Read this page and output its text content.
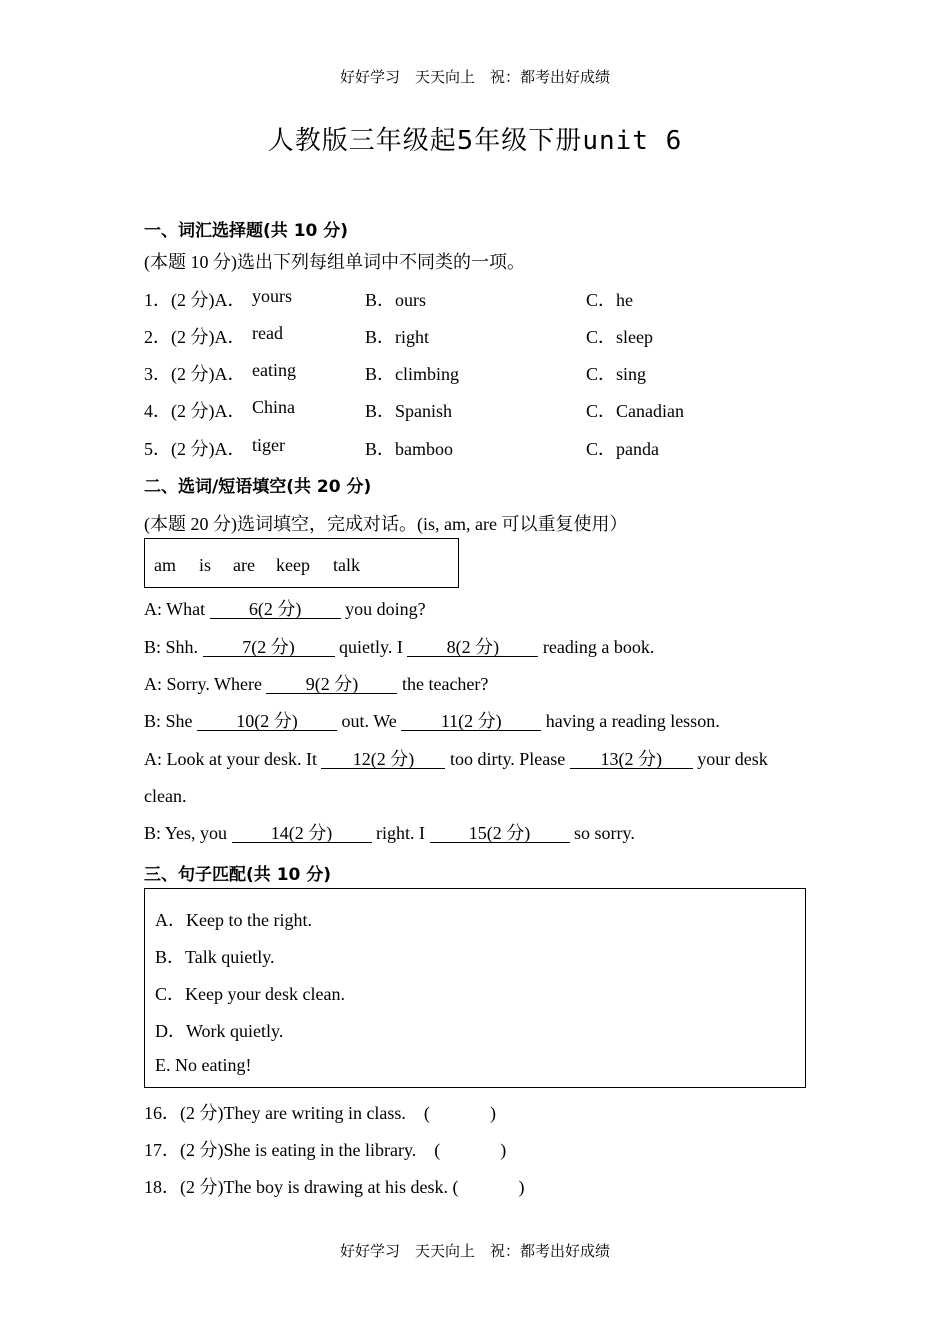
好好学习　天天向上　祝：都考出好成绩
人教版三年级起5年级下册unit 6
一、词汇选择题(共 10 分)
(本题 10 分)选出下列每组单词中不同类的一项。
1．(2 分)A． yours	B．ours	C．he
2．(2 分)A． read	B．right	C．sleep
3．(2 分)A． eating	B．climbing	C．sing
4．(2 分)A． China	B．Spanish	C．Canadian
5．(2 分)A． tiger	B．bamboo	C．panda
二、选词/短语填空(共 20 分)
(本题 20 分)选词填空，完成对话。(is, am, are 可以重复使用）
am is are keep talk
A: What 6(2 分) you doing?
B: Shh. 7(2 分) quietly. I 8(2 分) reading a book.
A: Sorry. Where 9(2 分) the teacher?
B: She 10(2 分) out. We 11(2 分) having a reading lesson.
A: Look at your desk. It 12(2 分) too dirty. Please 13(2 分) your desk
clean.
B: Yes, you 14(2 分) right. I 15(2 分) so sorry.
三、句子匹配(共 10 分)
A．Keep to the right.
B．Talk quietly.
C．Keep your desk clean.
D．Work quietly.
E. No eating!
16．(2 分)They are writing in class.　(	)
17．(2 分)She is eating in the library.　(	)
18．(2 分)The boy is drawing at his desk. (	)
好好学习　天天向上　祝：都考出好成绩
